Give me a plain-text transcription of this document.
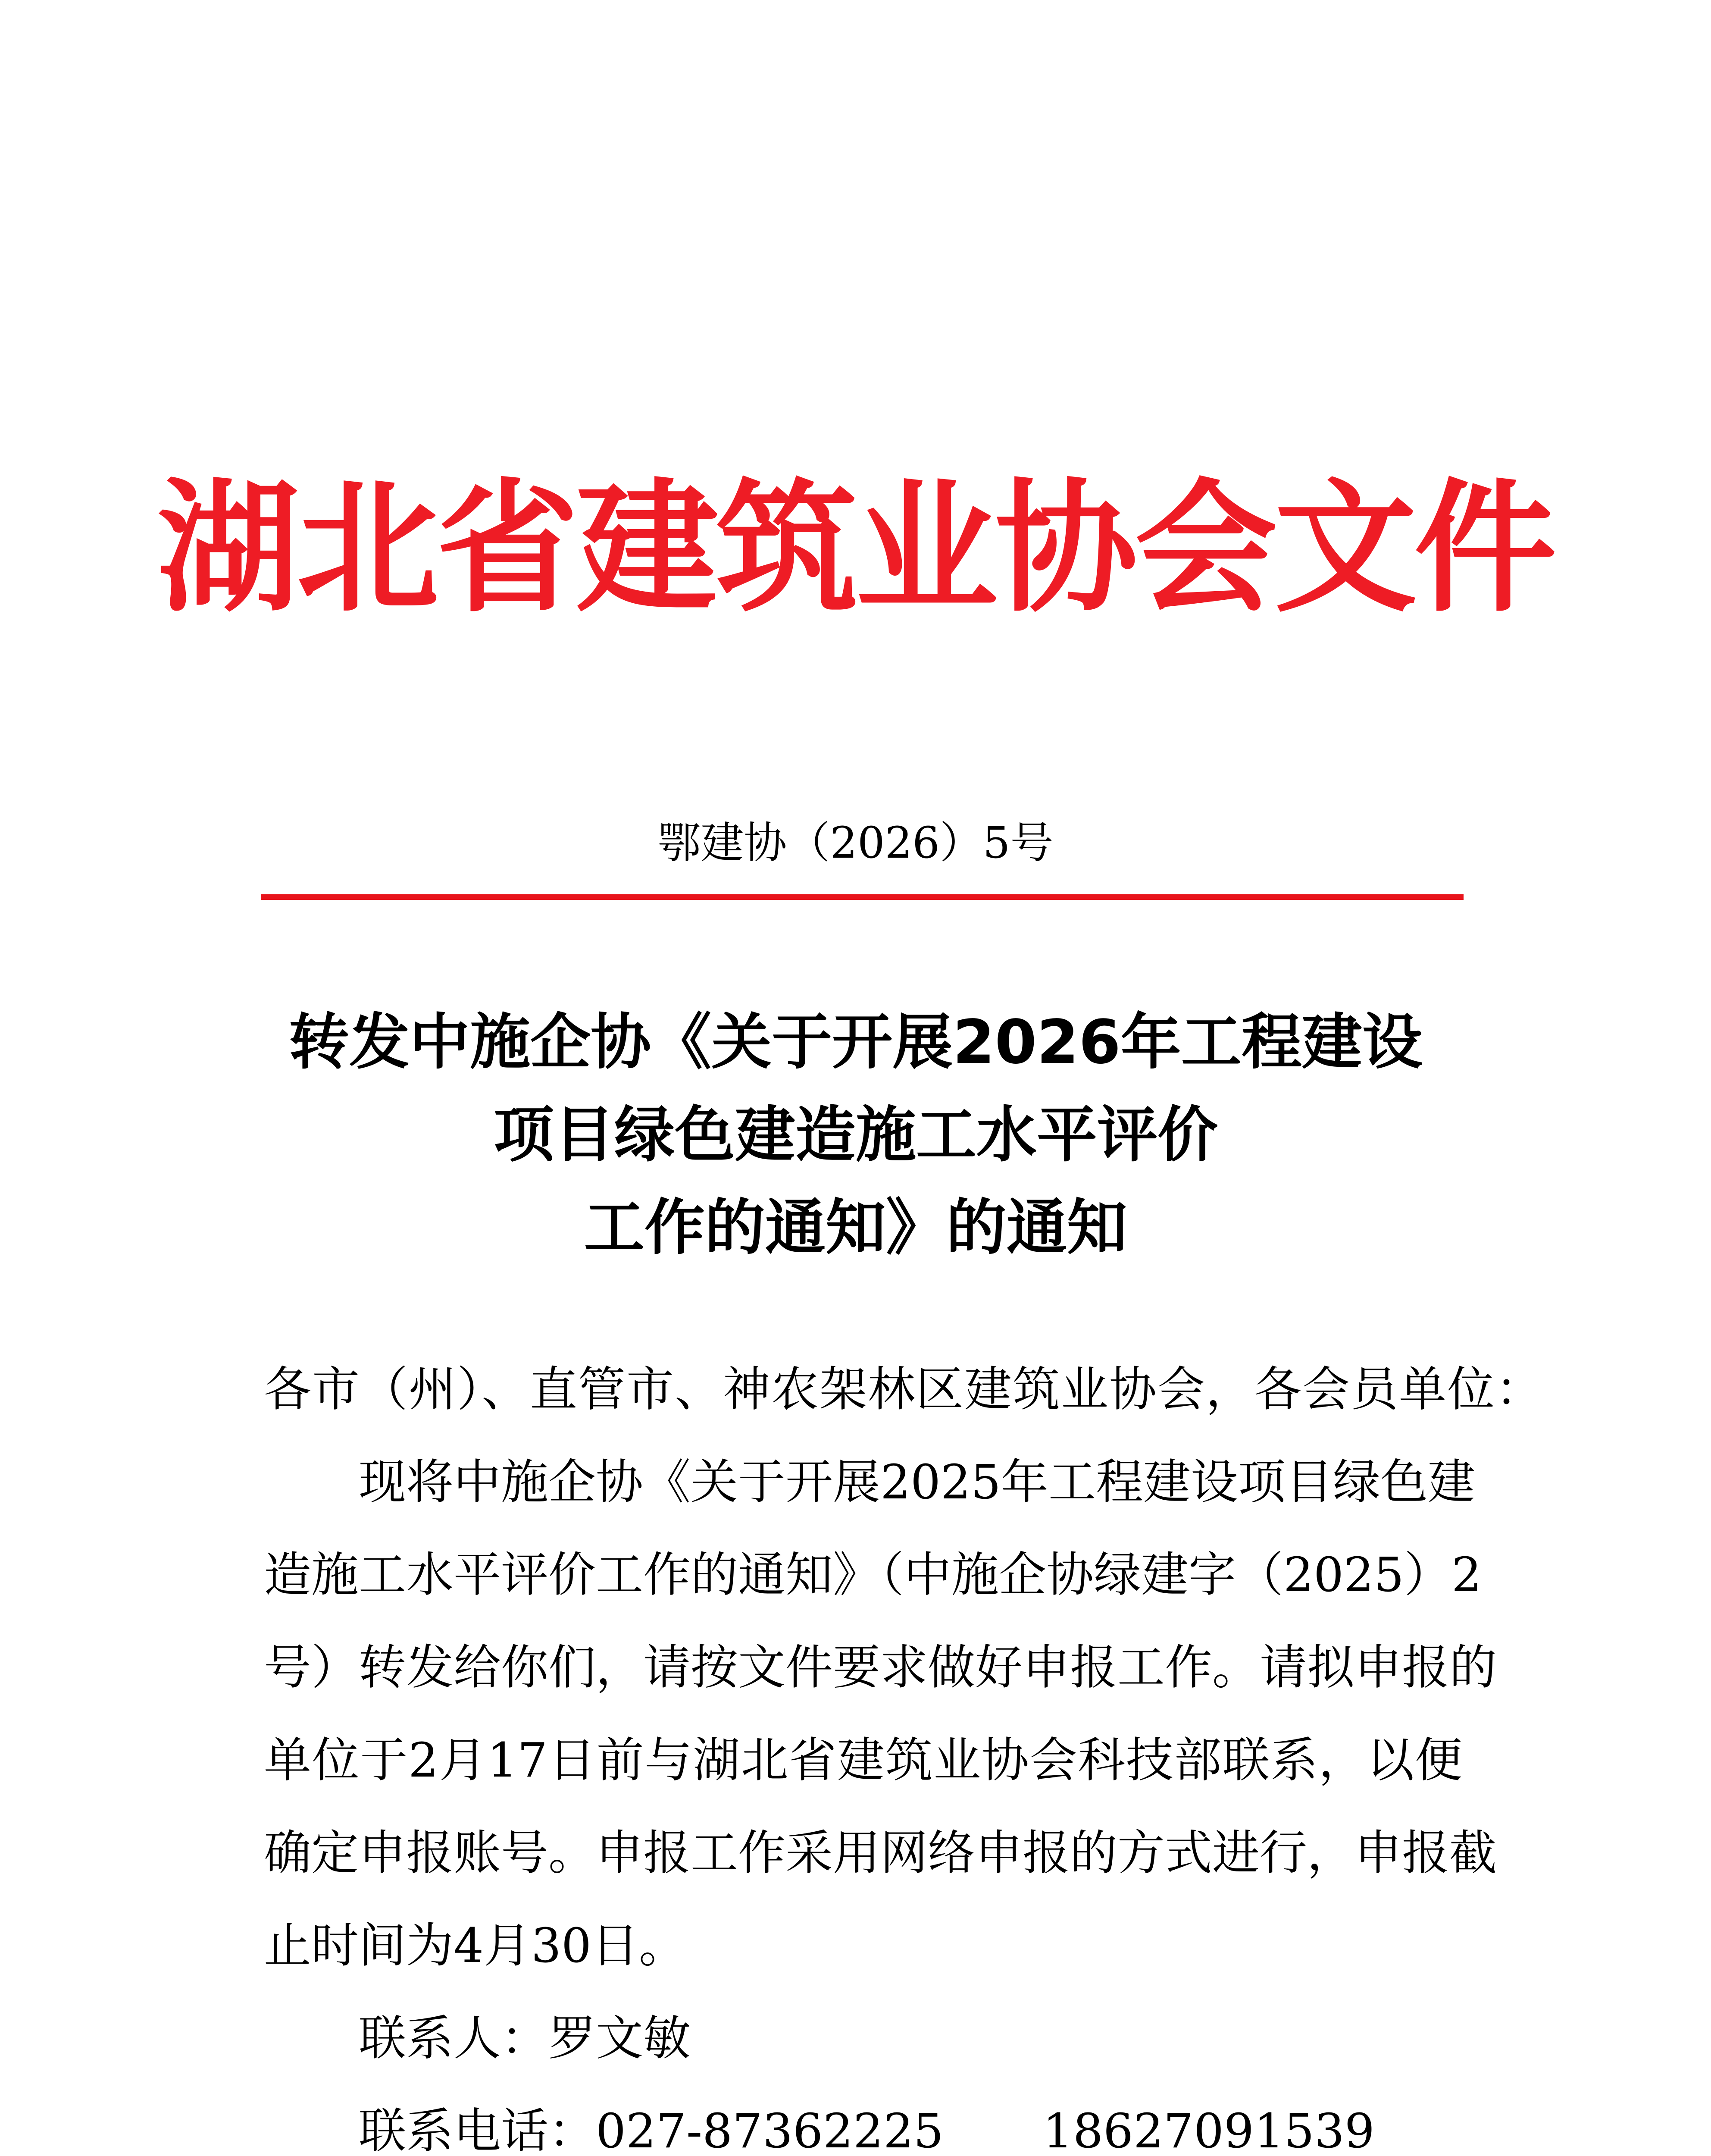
湖北省建筑业协会文件
鄂建协（2026）5号
转发中施企协《关于开展2026年工程建设
项目绿色建造施工水平评价
工作的通知》的通知
各市（州）、直管市、神农架林区建筑业协会，各会员单位：
现将中施企协《关于开展2025年工程建设项目绿色建
造施工水平评价工作的通知》（中施企协绿建字（2025）2
号）转发给你们，请按文件要求做好申报工作。请拟申报的
单位于2月17日前与湖北省建筑业协会科技部联系，以便
确定申报账号。申报工作采用网络申报的方式进行，申报截
止时间为4月30日。
联系人：罗文敏
联系电话：027-87362225 18627091539
